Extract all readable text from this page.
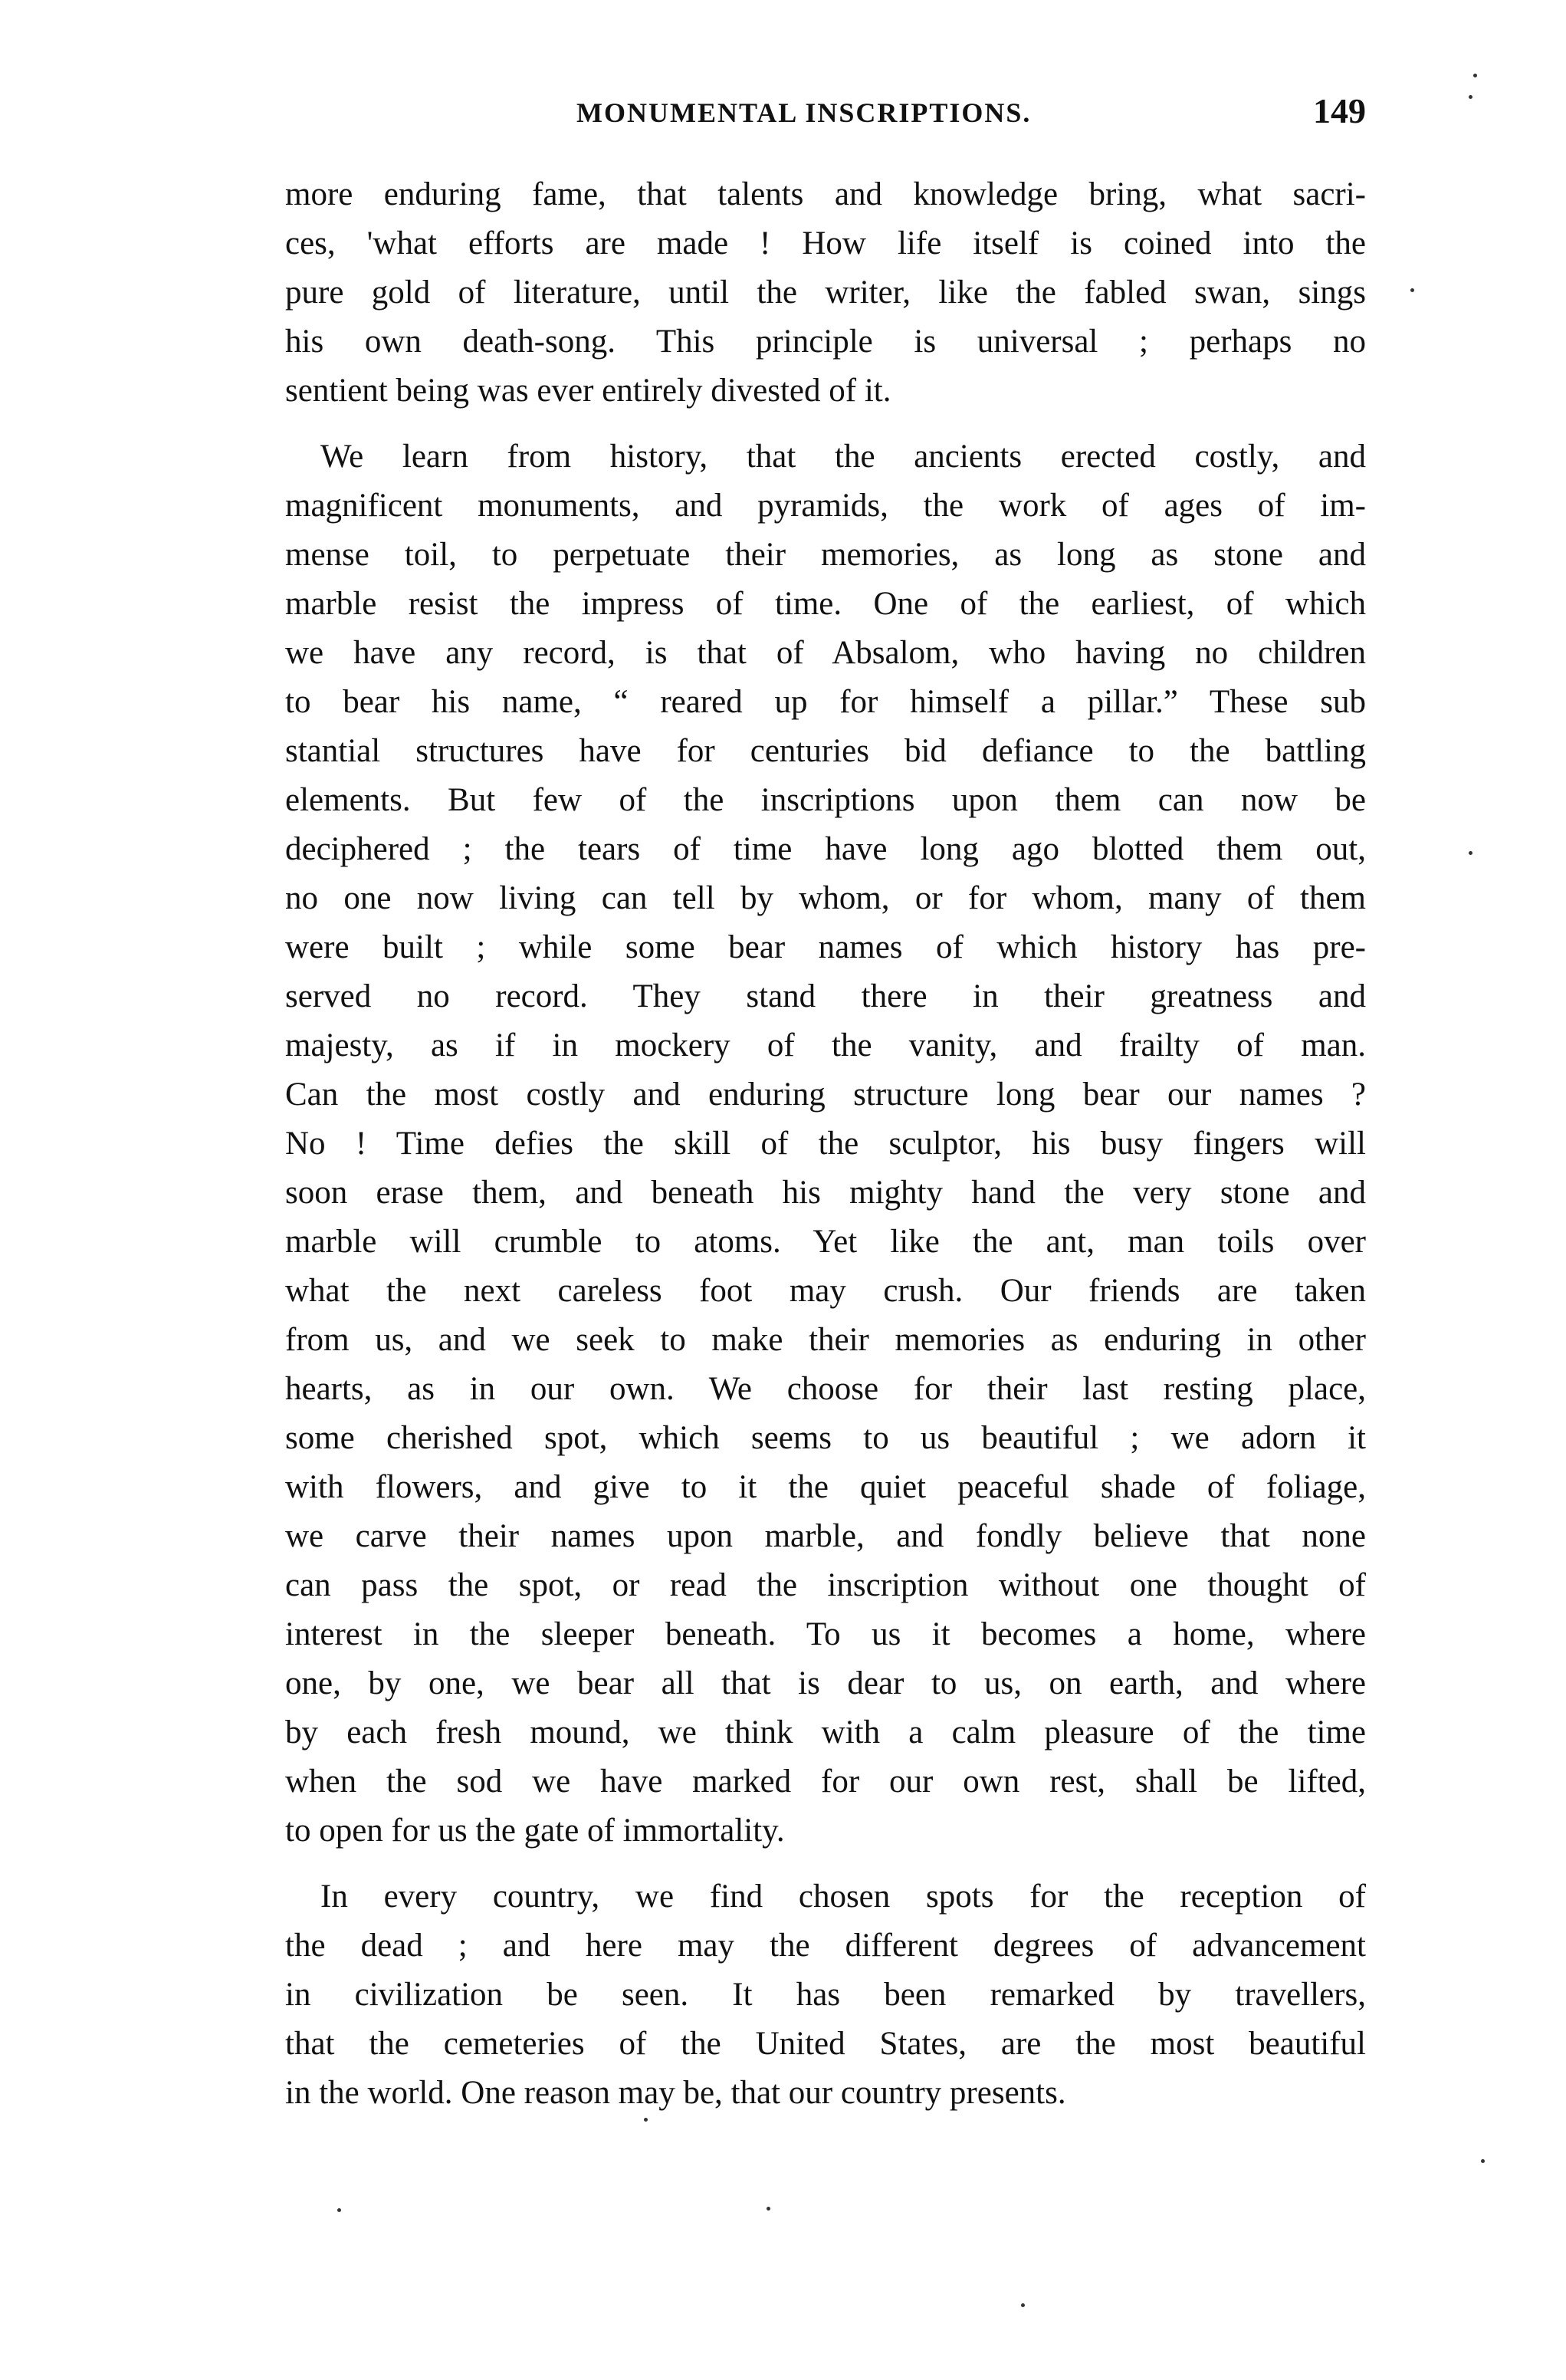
MONUMENTAL INSCRIPTIONS.	149
more enduring fame, that talents and knowledge bring, what sacri-
ces, 'what efforts are made ! How life itself is coined into the
pure gold of literature, until the writer, like the fabled swan, sings
his own death-song. This principle is universal ; perhaps no
sentient being was ever entirely divested of it.
We learn from history, that the ancients erected costly, and
magnificent monuments, and pyramids, the work of ages of im-
mense toil, to perpetuate their memories, as long as stone and
marble resist the impress of time. One of the earliest, of which
we have any record, is that of Absalom, who having no children
to bear his name, “ reared up for himself a pillar.” These sub
stantial structures have for centuries bid defiance to the battling
elements. But few of the inscriptions upon them can now be
deciphered ; the tears of time have long ago blotted them out,
no one now living can tell by whom, or for whom, many of them
were built ; while some bear names of which history has pre-
served no record. They stand there in their greatness and
majesty, as if in mockery of the vanity, and frailty of man.
Can the most costly and enduring structure long bear our names ?
No ! Time defies the skill of the sculptor, his busy fingers will
soon erase them, and beneath his mighty hand the very stone and
marble will crumble to atoms. Yet like the ant, man toils over
what the next careless foot may crush. Our friends are taken
from us, and we seek to make their memories as enduring in other
hearts, as in our own. We choose for their last resting place,
some cherished spot, which seems to us beautiful ; we adorn it
with flowers, and give to it the quiet peaceful shade of foliage,
we carve their names upon marble, and fondly believe that none
can pass the spot, or read the inscription without one thought of
interest in the sleeper beneath. To us it becomes a home, where
one, by one, we bear all that is dear to us, on earth, and where
by each fresh mound, we think with a calm pleasure of the time
when the sod we have marked for our own rest, shall be lifted,
to open for us the gate of immortality.
In every country, we find chosen spots for the reception of
the dead ; and here may the different degrees of advancement
in civilization be seen. It has been remarked by travellers,
that the cemeteries of the United States, are the most beautiful
in the world. One reason may be, that our country presents.
